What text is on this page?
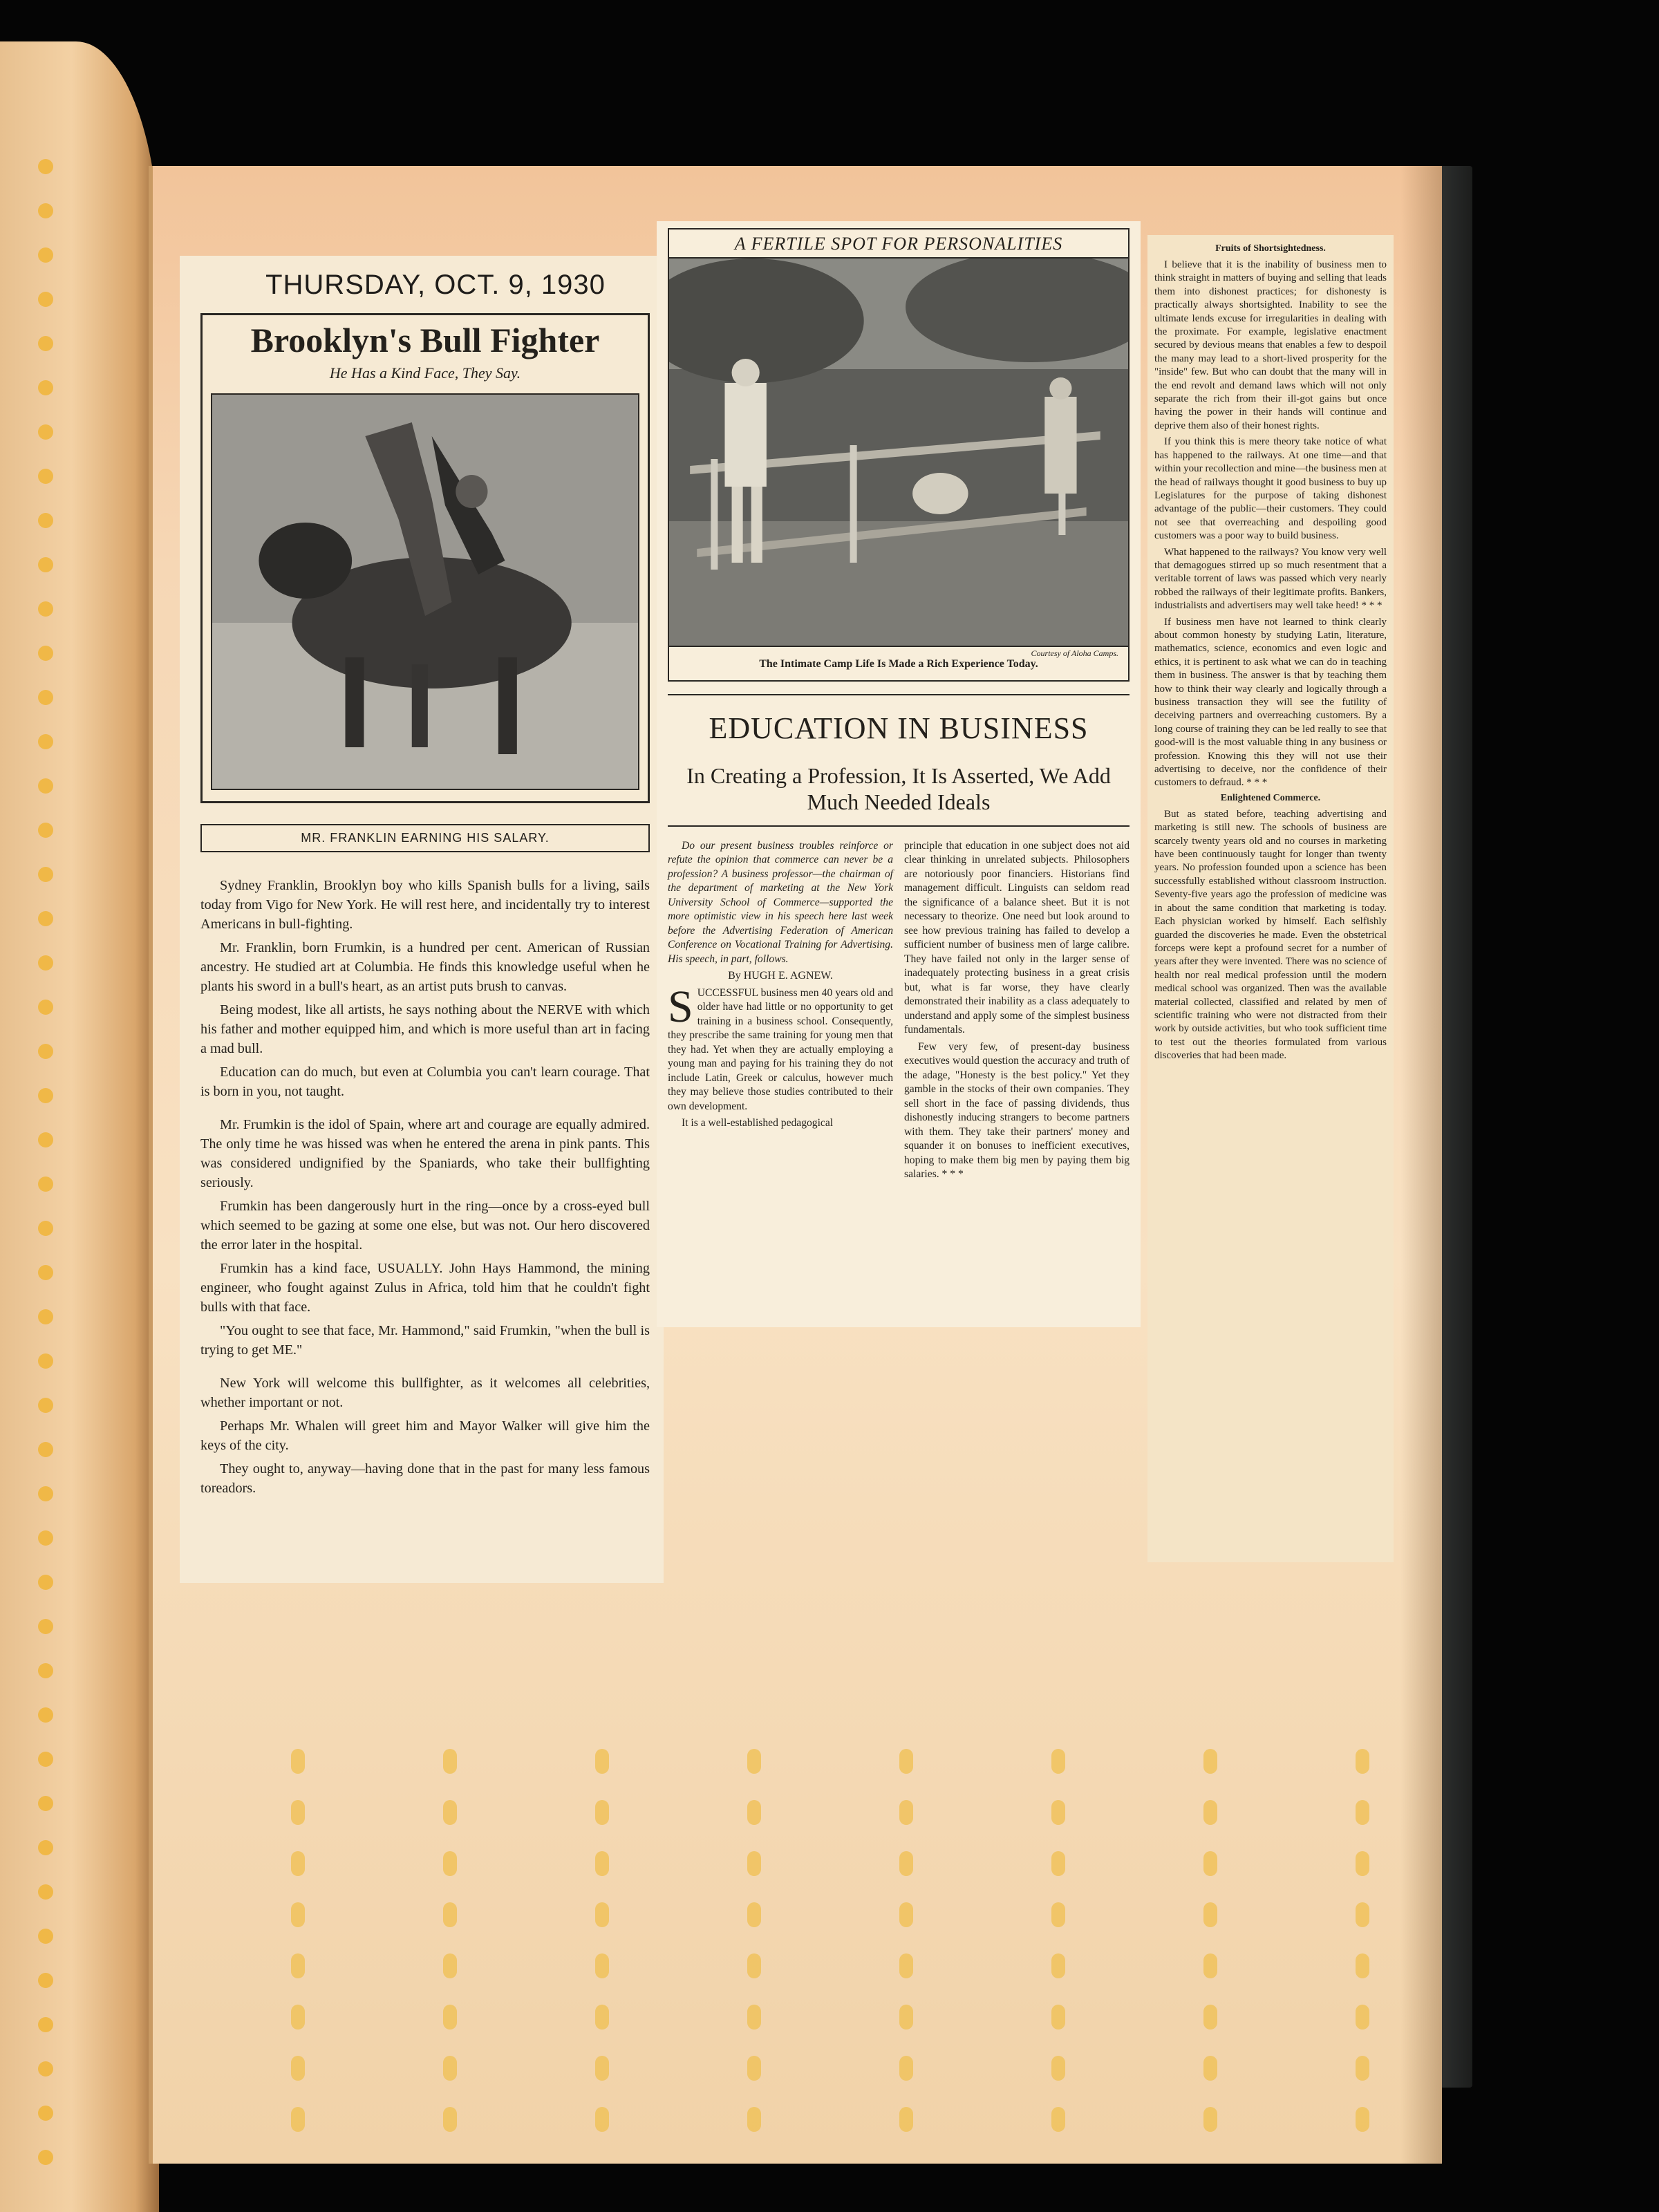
THURSDAY, OCT. 9, 1930
Brooklyn's Bull Fighter
He Has a Kind Face, They Say.
MR. FRANKLIN EARNING HIS SALARY.

Sydney Franklin, Brooklyn boy who kills Spanish bulls for a living, sails today from Vigo for New York. He will rest here, and incidentally try to interest Americans in bull-fighting.

Mr. Franklin, born Frumkin, is a hundred per cent. American of Russian ancestry. He studied art at Columbia. He finds this knowledge useful when he plants his sword in a bull's heart, as an artist puts brush to canvas.

Being modest, like all artists, he says nothing about the NERVE with which his father and mother equipped him, and which is more useful than art in facing a mad bull.

Education can do much, but even at Columbia you can't learn courage. That is born in you, not taught.

Mr. Frumkin is the idol of Spain, where art and courage are equally admired. The only time he was hissed was when he entered the arena in pink pants. This was considered undignified by the Spaniards, who take their bullfighting seriously.

Frumkin has been dangerously hurt in the ring—once by a cross-eyed bull which seemed to be gazing at some one else, but was not. Our hero discovered the error later in the hospital.

Frumkin has a kind face, USUALLY. John Hays Hammond, the mining engineer, who fought against Zulus in Africa, told him that he couldn't fight bulls with that face.

"You ought to see that face, Mr. Hammond," said Frumkin, "when the bull is trying to get ME."

New York will welcome this bullfighter, as it welcomes all celebrities, whether important or not.

Perhaps Mr. Whalen will greet him and Mayor Walker will give him the keys of the city.

They ought to, anyway—having done that in the past for many less famous toreadors.

A FERTILE SPOT FOR PERSONALITIES
Courtesy of Aloha Camps.
The Intimate Camp Life Is Made a Rich Experience Today.
EDUCATION IN BUSINESS
In Creating a Profession, It Is Asserted, We Add Much Needed Ideals

Do our present business troubles reinforce or refute the opinion that commerce can never be a profession? A business professor—the chairman of the department of marketing at the New York University School of Commerce—supported the more optimistic view in his speech here last week before the Advertising Federation of American Conference on Vocational Training for Advertising. His speech, in part, follows.

By HUGH E. AGNEW.

SUCCESSFUL business men 40 years old and older have had little or no opportunity to get training in a business school. Consequently, they prescribe the same training for young men that they had. Yet when they are actually employing a young man and paying for his training they do not include Latin, Greek or calculus, however much they may believe those studies contributed to their own development.

It is a well-established pedagogical

principle that education in one subject does not aid clear thinking in unrelated subjects. Philosophers are notoriously poor financiers. Historians find management difficult. Linguists can seldom read the significance of a balance sheet. But it is not necessary to theorize. One need but look around to see how previous training has failed to develop a sufficient number of business men of large calibre. They have failed not only in the larger sense of inadequately protecting business in a great crisis but, what is far worse, they have clearly demonstrated their inability as a class adequately to understand and apply some of the simplest business fundamentals.

Few very few, of present-day business executives would question the accuracy and truth of the adage, "Honesty is the best policy." Yet they gamble in the stocks of their own companies. They sell short in the face of passing dividends, thus dishonestly inducing strangers to become partners with them. They take their partners' money and squander it on bonuses to inefficient executives, hoping to make them big men by paying them big salaries. * * *

Fruits of Shortsightedness.

I believe that it is the inability of business men to think straight in matters of buying and selling that leads them into dishonest practices; for dishonesty is practically always shortsighted. Inability to see the ultimate lends excuse for irregularities in dealing with the proximate. For example, legislative enactment secured by devious means that enables a few to despoil the many may lead to a short-lived prosperity for the "inside" few. But who can doubt that the many will in the end revolt and demand laws which will not only separate the rich from their ill-got gains but once having the power in their hands will continue and deprive them also of their honest rights.

If you think this is mere theory take notice of what has happened to the railways. At one time—and that within your recollection and mine—the business men at the head of railways thought it good business to buy up Legislatures for the purpose of taking dishonest advantage of the public—their customers. They could not see that overreaching and despoiling good customers was a poor way to build business.

What happened to the railways? You know very well that demagogues stirred up so much resentment that a veritable torrent of laws was passed which very nearly robbed the railways of their legitimate profits. Bankers, industrialists and advertisers may well take heed! * * *

If business men have not learned to think clearly about common honesty by studying Latin, literature, mathematics, science, economics and even logic and ethics, it is pertinent to ask what we can do in teaching them in business. The answer is that by teaching them how to think their way clearly and logically through a business transaction they will see the futility of deceiving partners and overreaching customers. By a long course of training they can be led really to see that good-will is the most valuable thing in any business or profession. Knowing this they will not use their advertising to deceive, nor the confidence of their customers to defraud. * * *

Enlightened Commerce.

But as stated before, teaching advertising and marketing is still new. The schools of business are scarcely twenty years old and no courses in marketing have been continuously taught for longer than twenty years. No profession founded upon a science has been successfully established without classroom instruction. Seventy-five years ago the profession of medicine was in about the same condition that marketing is today. Each physician worked by himself. Each selfishly guarded the discoveries he made. Even the obstetrical forceps were kept a profound secret for a number of years after they were invented. There was no science of health nor real medical profession until the modern medical school was organized. Then was the available material collected, classified and related by men of scientific training who were not distracted from their work by outside activities, but who took sufficient time to test out the theories formulated from various discoveries that had been made.
